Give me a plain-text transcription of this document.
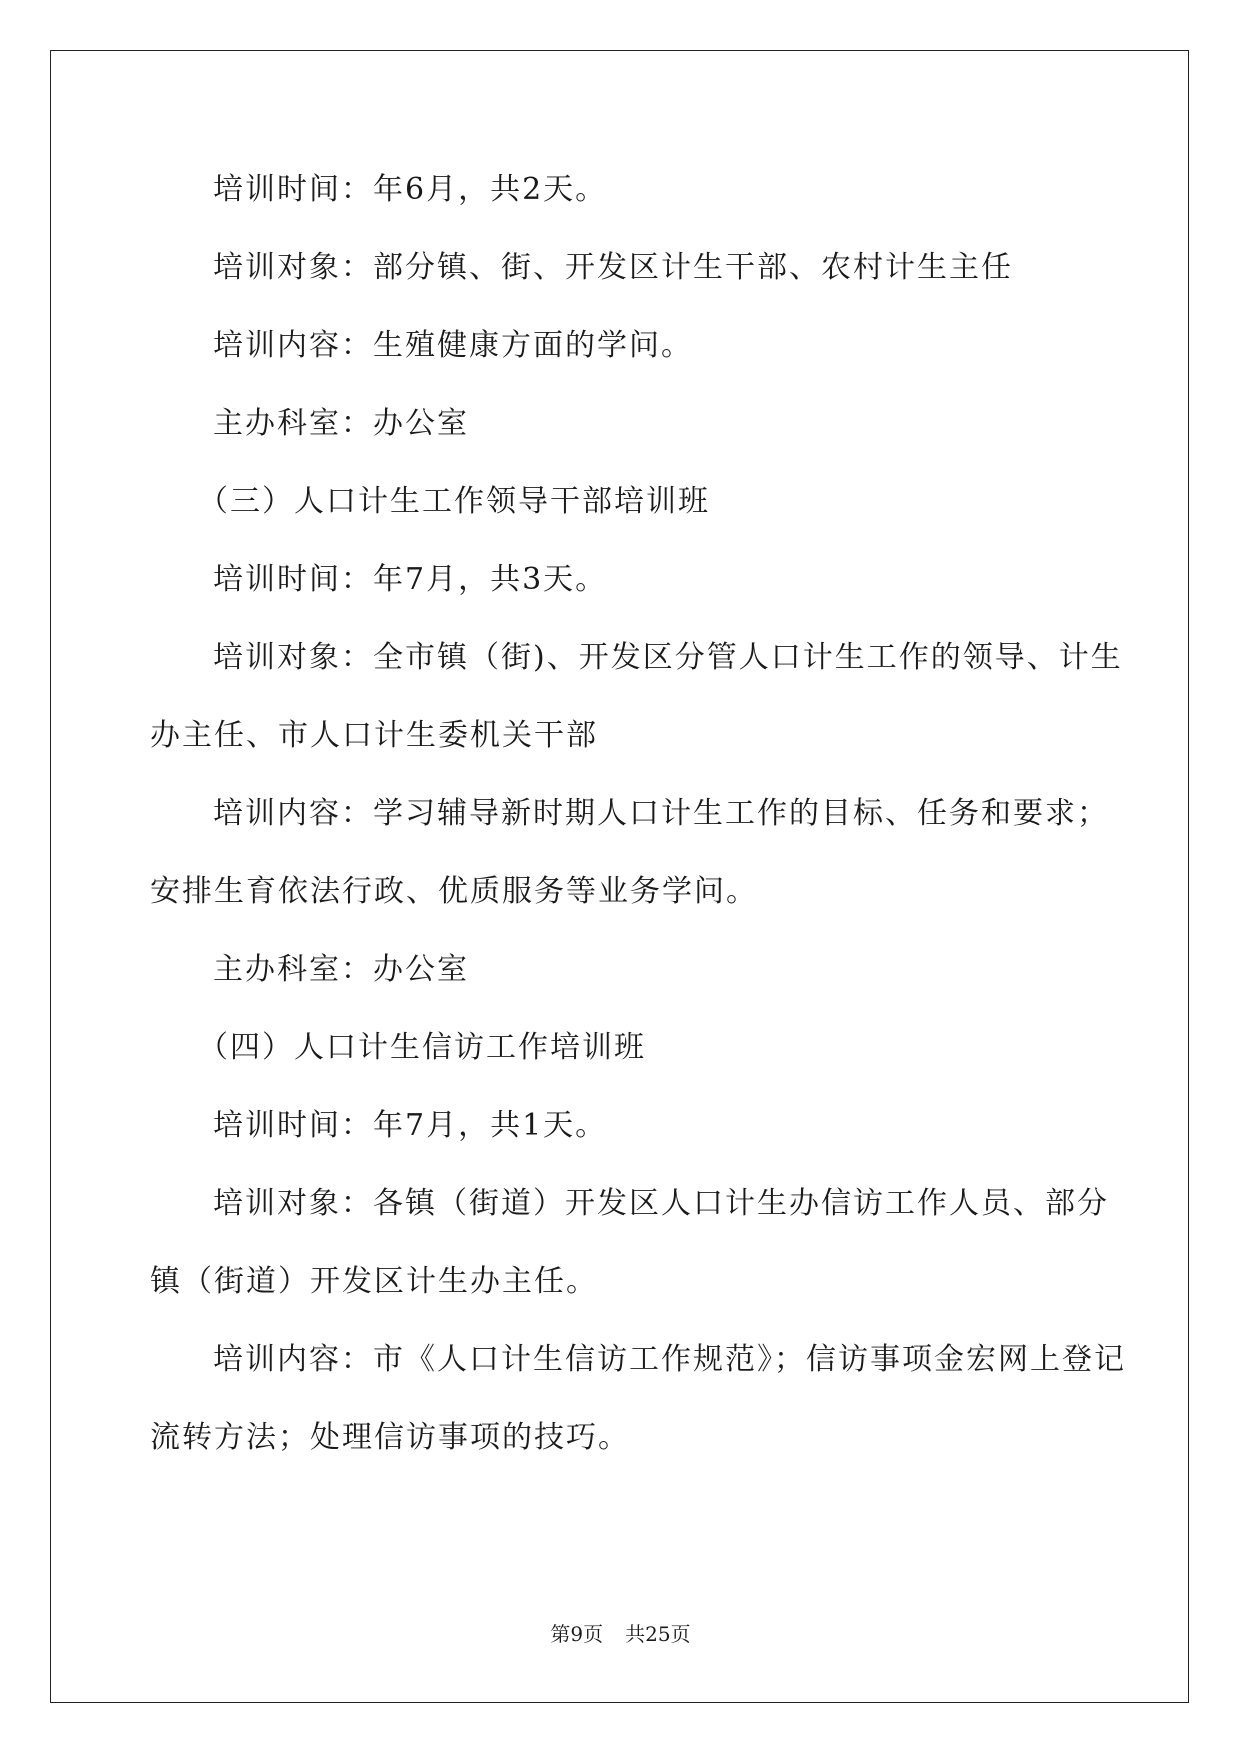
培训时间：年6月，共2天。
培训对象：部分镇、街、开发区计生干部、农村计生主任
培训内容：生殖健康方面的学问。
主办科室：办公室
（三）人口计生工作领导干部培训班
培训时间：年7月，共3天。
培训对象：全市镇（街)、开发区分管人口计生工作的领导、计生
办主任、市人口计生委机关干部
培训内容：学习辅导新时期人口计生工作的目标、任务和要求；
安排生育依法行政、优质服务等业务学问。
主办科室：办公室
（四）人口计生信访工作培训班
培训时间：年7月，共1天。
培训对象：各镇（街道）开发区人口计生办信访工作人员、部分
镇（街道）开发区计生办主任。
培训内容：市《人口计生信访工作规范》；信访事项金宏网上登记
流转方法；处理信访事项的技巧。
第9页 共25页
